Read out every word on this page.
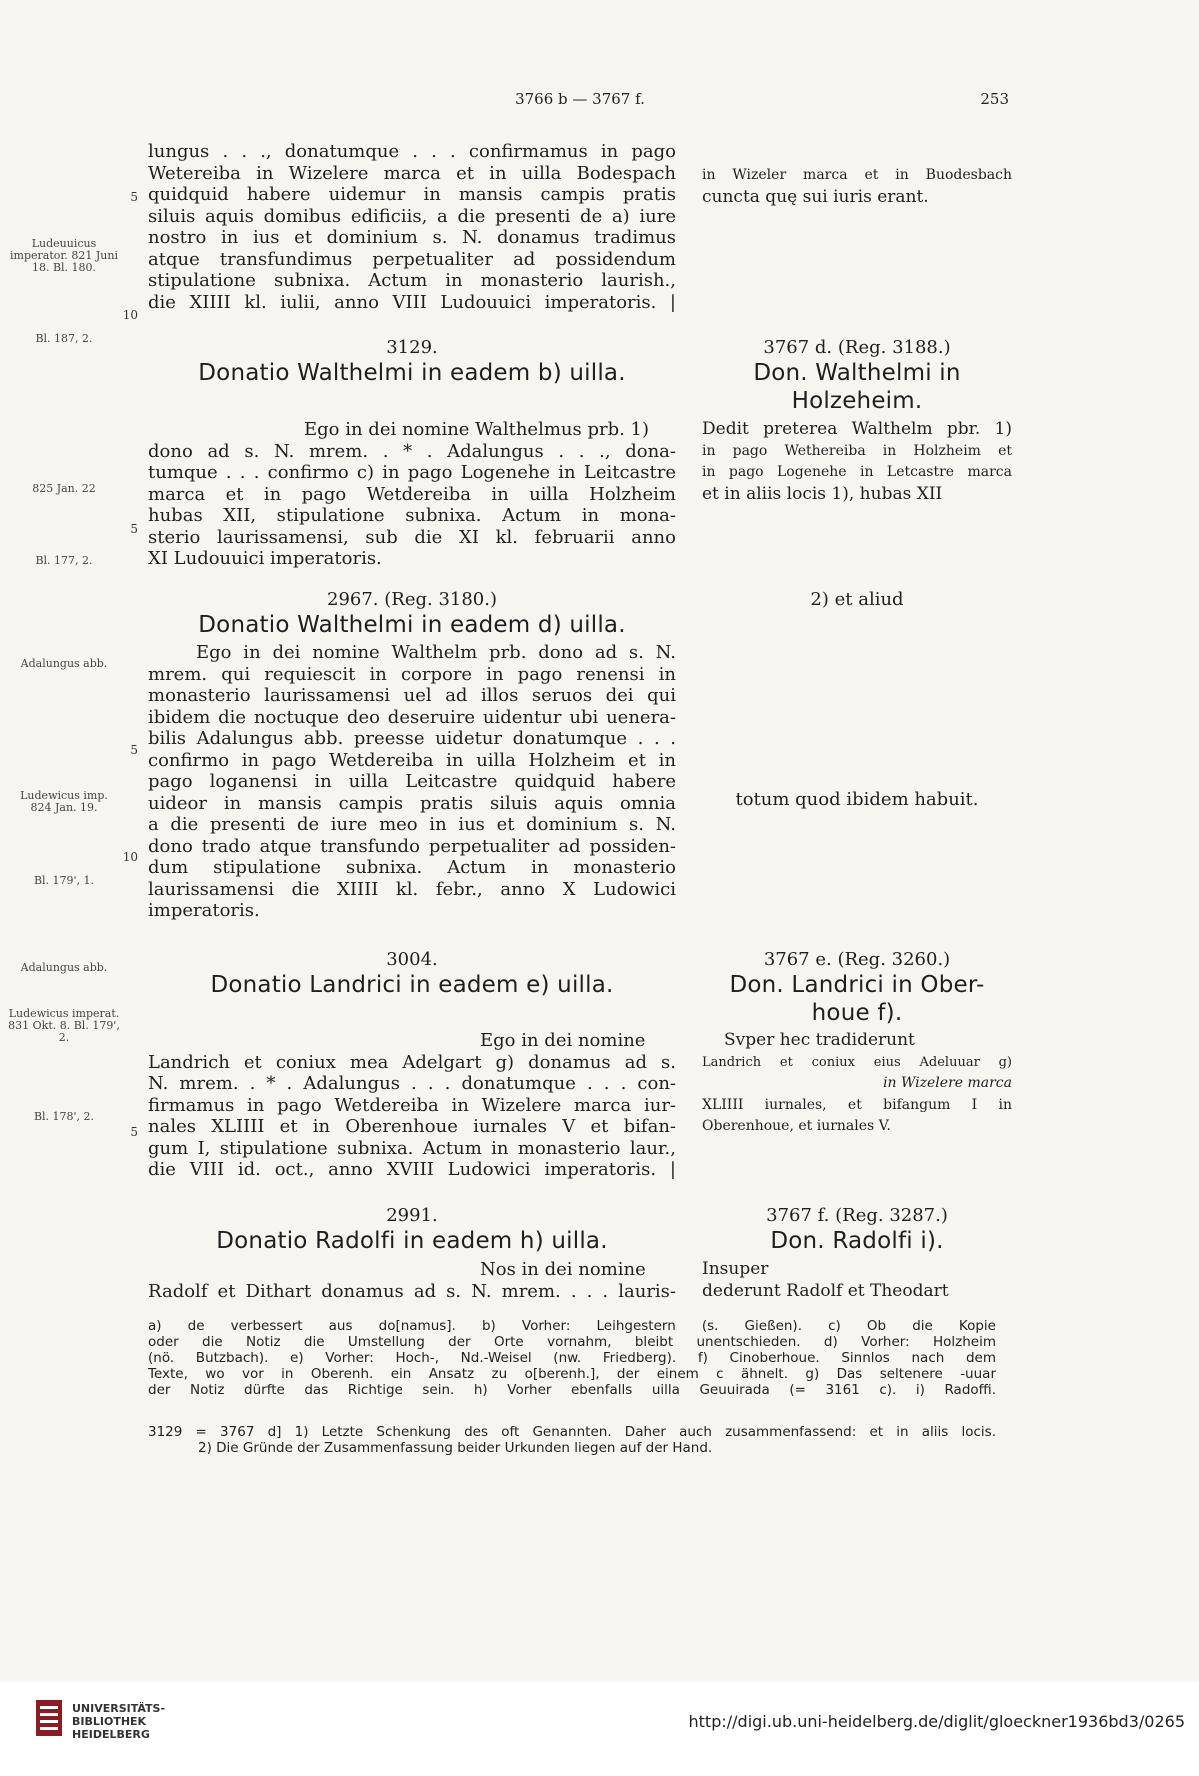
3766 b — 3767 f.	253
Ludeuuicus imperator. 821 Juni 18. Bl. 180.
Bl. 187, 2.
825 Jan. 22
Bl. 177, 2.
Adalungus abb.
Ludewicus imp. 824 Jan. 19.
Bl. 179', 1.
Adalungus abb.
Ludewicus imperat. 831 Okt. 8. Bl. 179', 2.
Bl. 178', 2.
5
10
5
5
10
5
lungus . . ., donatumque . . . confirmamus in pago
Wetereiba in Wizelere marca et in uilla Bodespach
quidquid habere uidemur in mansis campis pratis
siluis aquis domibus edificiis, a die presenti de a) iure
nostro in ius et dominium s. N. donamus tradimus
atque transfundimus perpetualiter ad possidendum
stipulatione subnixa. Actum in monasterio laurish.,
die XIIII kl. iulii, anno VIII Ludouuici imperatoris. |
3129.
Donatio Walthelmi in eadem b) uilla.
Ego in dei nomine Walthelmus prb. 1)
dono ad s. N. mrem. . * . Adalungus . . ., dona-
tumque . . . confirmo c) in pago Logenehe in Leitcastre
marca et in pago Wetdereiba in uilla Holzheim
hubas XII, stipulatione subnixa. Actum in mona-
sterio laurissamensi, sub die XI kl. februarii anno
XI Ludouuici imperatoris.
2967. (Reg. 3180.)
Donatio Walthelmi in eadem d) uilla.
Ego in dei nomine Walthelm prb. dono ad s. N.
mrem. qui requiescit in corpore in pago renensi in
monasterio laurissamensi uel ad illos seruos dei qui
ibidem die noctuque deo deseruire uidentur ubi uenera-
bilis Adalungus abb. preesse uidetur donatumque . . .
confirmo in pago Wetdereiba in uilla Holzheim et in
pago loganensi in uilla Leitcastre quidquid habere
uideor in mansis campis pratis siluis aquis omnia
a die presenti de iure meo in ius et dominium s. N.
dono trado atque transfundo perpetualiter ad possiden-
dum stipulatione subnixa. Actum in monasterio
laurissamensi die XIIII kl. febr., anno X Ludowici
imperatoris.
3004.
Donatio Landrici in eadem e) uilla.
Ego in dei nomine
Landrich et coniux mea Adelgart g) donamus ad s.
N. mrem. . * . Adalungus . . . donatumque . . . con-
firmamus in pago Wetdereiba in Wizelere marca iur-
nales XLIIII et in Oberenhoue iurnales V et bifan-
gum I, stipulatione subnixa. Actum in monasterio laur.,
die VIII id. oct., anno XVIII Ludowici imperatoris. |
2991.
Donatio Radolfi in eadem h) uilla.
Nos in dei nomine
Radolf et Dithart donamus ad s. N. mrem. . . . lauris-
in Wizeler marca et in Buodesbach
cuncta quę sui iuris erant.
3767 d. (Reg. 3188.)
Don. Walthelmi in
Holzeheim.
Dedit preterea Walthelm pbr. 1)
in pago Wethereiba in Holzheim et
in pago Logenehe in Letcastre marca
et in aliis locis 1), hubas XII
2) et aliud
totum quod ibidem habuit.
3767 e. (Reg. 3260.)
Don. Landrici in Ober-
houe f).
Svper hec tradiderunt
Landrich et coniux eius Adeluuar g)
in Wizelere marca
XLIIII iurnales, et bifangum I in
Oberenhoue, et iurnales V.
3767 f. (Reg. 3287.)
Don. Radolfi i).
Insuper
dederunt Radolf et Theodart
a) de verbessert aus do[namus]. b) Vorher: Leihgestern (s. Gießen). c) Ob die Kopie
oder die Notiz die Umstellung der Orte vornahm, bleibt unentschieden. d) Vorher: Holzheim
(nö. Butzbach). e) Vorher: Hoch-, Nd.-Weisel (nw. Friedberg). f) Cinoberhoue. Sinnlos nach dem
Texte, wo vor in Oberenh. ein Ansatz zu o[berenh.], der einem c ähnelt. g) Das seltenere -uuar
der Notiz dürfte das Richtige sein. h) Vorher ebenfalls uilla Geuuirada (= 3161 c). i) Radoffi.
3129 = 3767 d] 1) Letzte Schenkung des oft Genannten. Daher auch zusammenfassend: et in aliis locis.
2) Die Gründe der Zusammenfassung beider Urkunden liegen auf der Hand.
UNIVERSITÄTS-
BIBLIOTHEK
HEIDELBERG
http://digi.ub.uni-heidelberg.de/diglit/gloeckner1936bd3/0265
